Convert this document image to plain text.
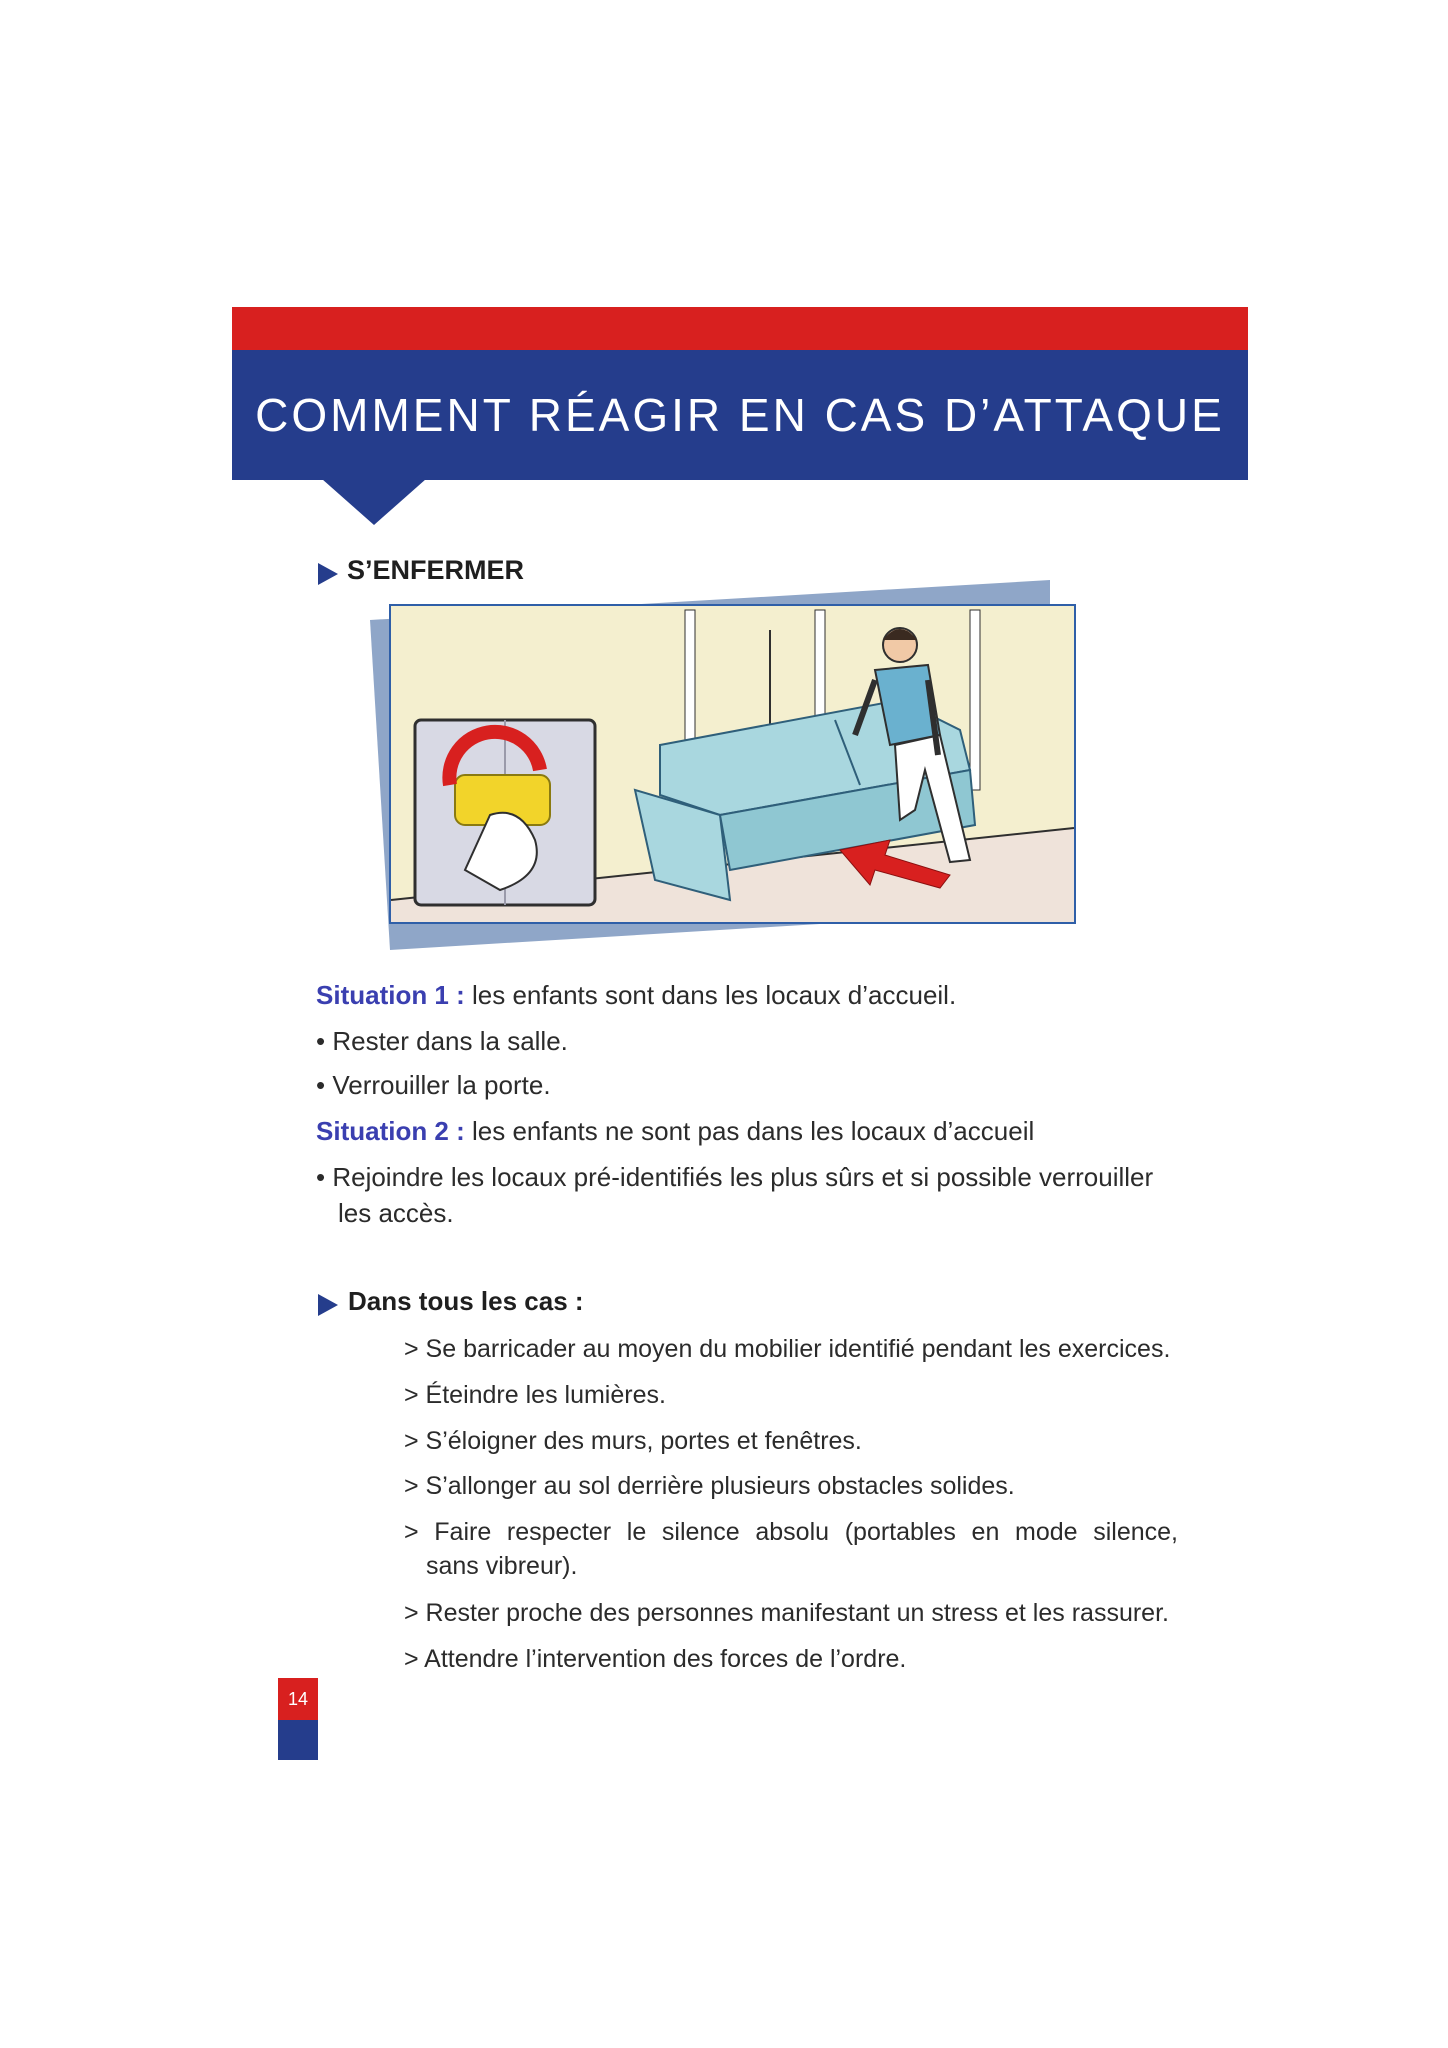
COMMENT RÉAGIR EN CAS D’ATTAQUE
S’ENFERMER
Situation 1 : les enfants sont dans les locaux d’accueil.
• Rester dans la salle.
• Verrouiller la porte.
Situation 2 : les enfants ne sont pas dans les locaux d’accueil
• Rejoindre les locaux pré-identifiés les plus sûrs et si possible verrouiller
les accès.
Dans tous les cas :
> Se barricader au moyen du mobilier identifié pendant les exercices.
> Éteindre les lumières.
> S’éloigner des murs, portes et fenêtres.
> S’allonger au sol derrière plusieurs obstacles solides.
> Faire respecter le silence absolu (portables en mode silence,
sans vibreur).
> Rester proche des personnes manifestant un stress et les rassurer.
> Attendre l’intervention des forces de l’ordre.
14
